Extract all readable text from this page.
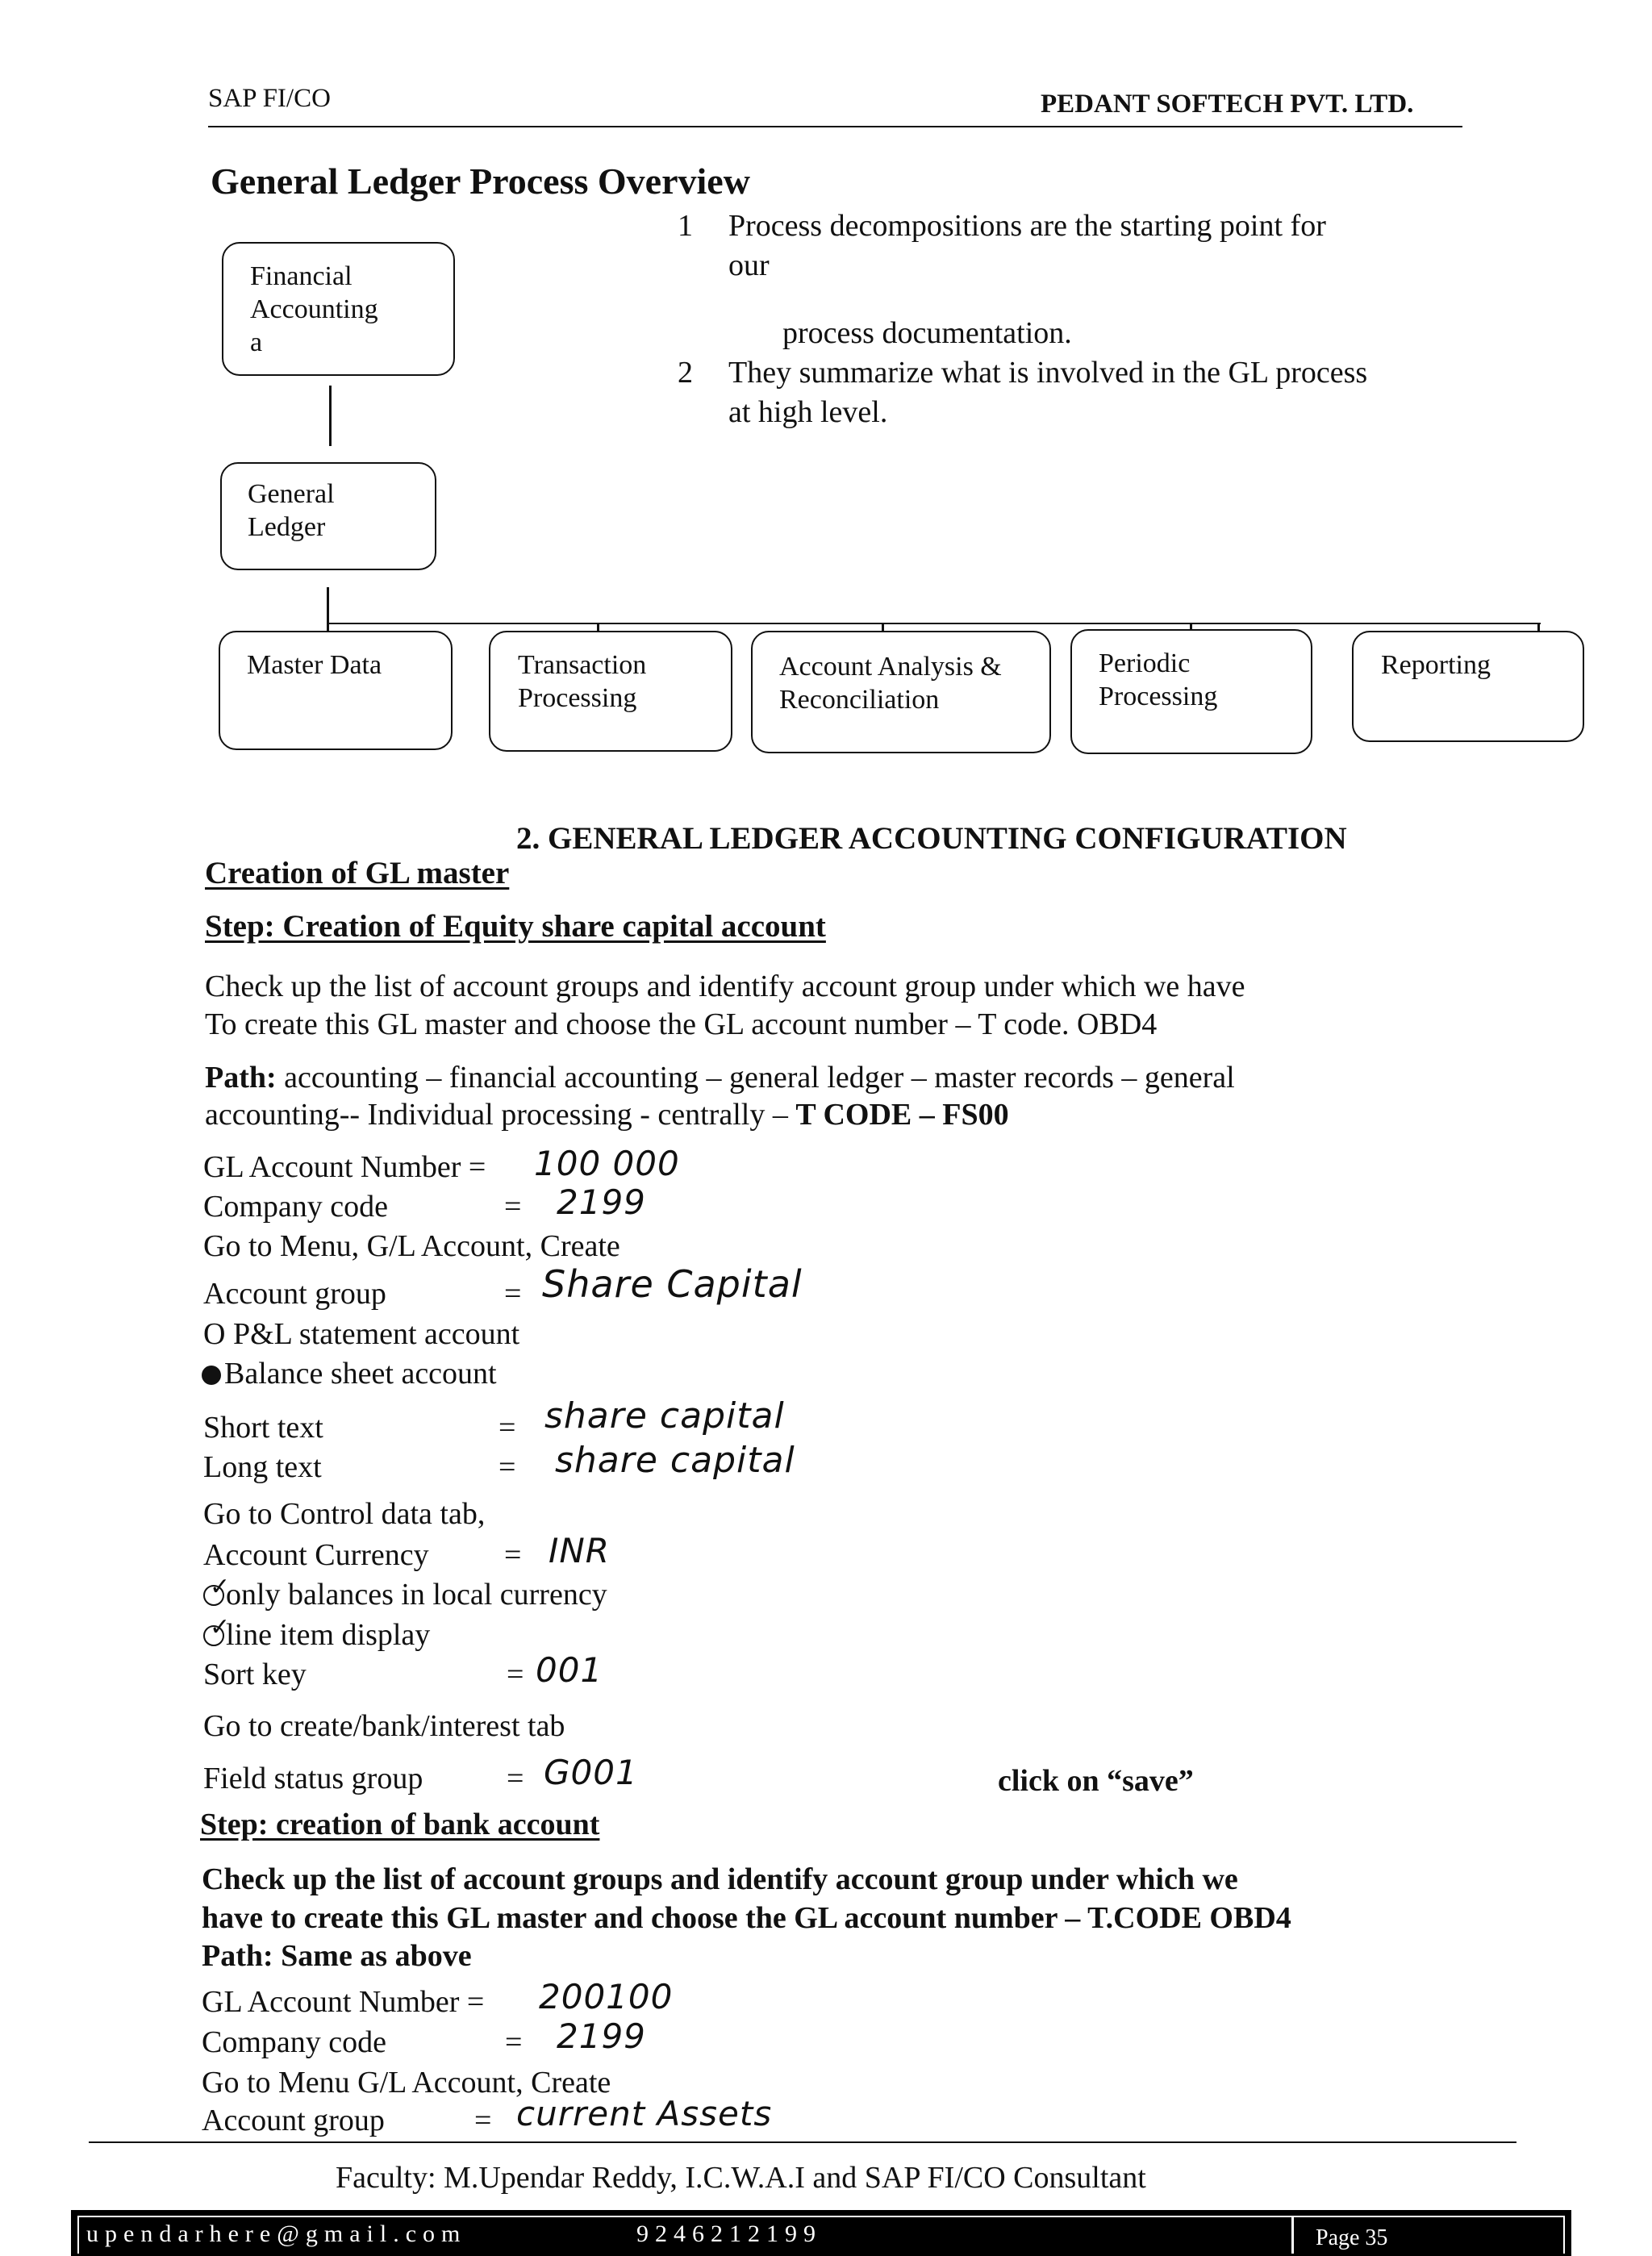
SAP FI/CO	PEDANT SOFTECH PVT. LTD.
General Ledger Process Overview
1 Process decompositions are the starting point for
our
process documentation.
2 They summarize what is involved in the GL process
at high level.
Financial
Accounting
a
General
Ledger
Master Data	Transaction
Processing
Account Analysis &
Reconciliation
Periodic
Processing
Reporting
2. GENERAL LEDGER ACCOUNTING CONFIGURATION
Creation of GL master
Step: Creation of Equity share capital account
Check up the list of account groups and identify account group under which we have
To create this GL master and choose the GL account number – T code. OBD4
Path: accounting – financial accounting – general ledger – master records – general
accounting-- Individual processing - centrally – T CODE – FS00
GL Account Number = 100 000
Company code	= 2199
Go to Menu, G/L Account, Create
Account group	= Share Capital
O P&L statement account
Balance sheet account
Short text	= share capital
Long text	= share capital
Go to Control data tab,
Account Currency = INR
✓
only balances in local currency
✓
line item display
Sort key	= 001
Go to create/bank/interest tab
Field status group	= G001	click on “save”
Step: creation of bank account
Check up the list of account groups and identify account group under which we
have to create this GL master and choose the GL account number – T.CODE OBD4
Path: Same as above
GL Account Number = 200100
Company code	= 2199
Go to Menu G/L Account, Create
Account group	= current Assets
Faculty: M.Upendar Reddy, I.C.W.A.I and SAP FI/CO Consultant
upendarhere@gmail.com	9246212199	Page 35
